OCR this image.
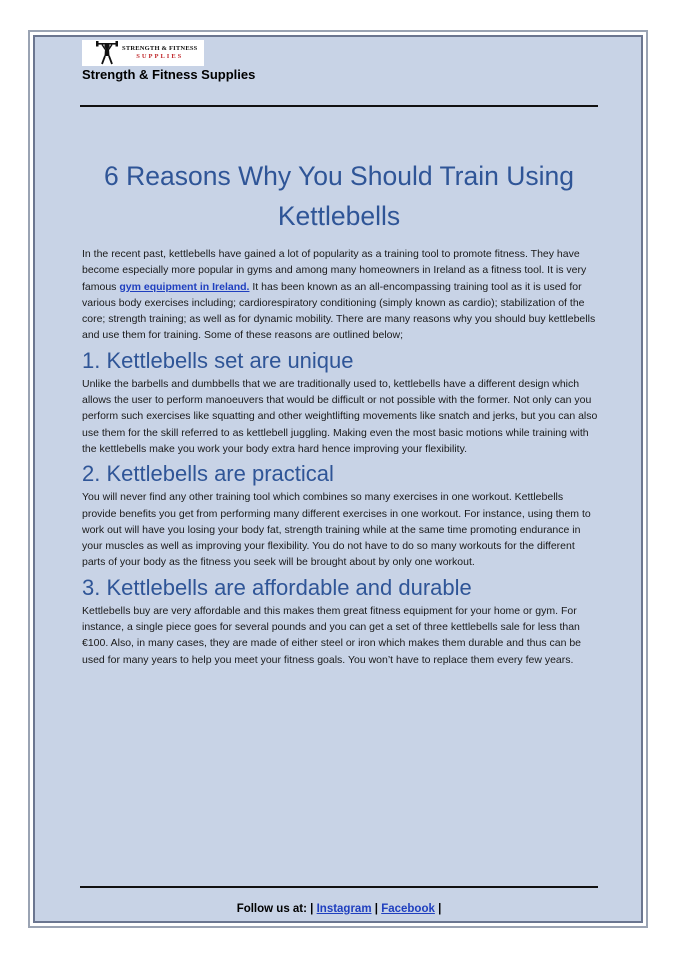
STRENGTH & FITNESS
SUPPLIES
Strength & Fitness Supplies
6 Reasons Why You Should Train Using Kettlebells

In the recent past, kettlebells have gained a lot of popularity as a training tool to promote fitness. They have become especially more popular in gyms and among many homeowners in Ireland as a fitness tool. It is very famous gym equipment in Ireland. It has been known as an all-encompassing training tool as it is used for various body exercises including; cardiorespiratory conditioning (simply known as cardio); stabilization of the core; strength training; as well as for dynamic mobility. There are many reasons why you should buy kettlebells and use them for training. Some of these reasons are outlined below;

1. Kettlebells set are unique

Unlike the barbells and dumbbells that we are traditionally used to, kettlebells have a different design which allows the user to perform manoeuvers that would be difficult or not possible with the former. Not only can you perform such exercises like squatting and other weightlifting movements like snatch and jerks, but you can also use them for the skill referred to as kettlebell juggling. Making even the most basic motions while training with the kettlebells make you work your body extra hard hence improving your flexibility.

2. Kettlebells are practical

You will never find any other training tool which combines so many exercises in one workout. Kettlebells provide benefits you get from performing many different exercises in one workout. For instance, using them to work out will have you losing your body fat, strength training while at the same time promoting endurance in your muscles as well as improving your flexibility. You do not have to do so many workouts for the different parts of your body as the fitness you seek will be brought about by only one workout.

3. Kettlebells are affordable and durable

Kettlebells buy are very affordable and this makes them great fitness equipment for your home or gym. For instance, a single piece goes for several pounds and you can get a set of three kettlebells sale for less than €100. Also, in many cases, they are made of either steel or iron which makes them durable and thus can be used for many years to help you meet your fitness goals. You won’t have to replace them every few years.

Follow us at: | Instagram | Facebook |
